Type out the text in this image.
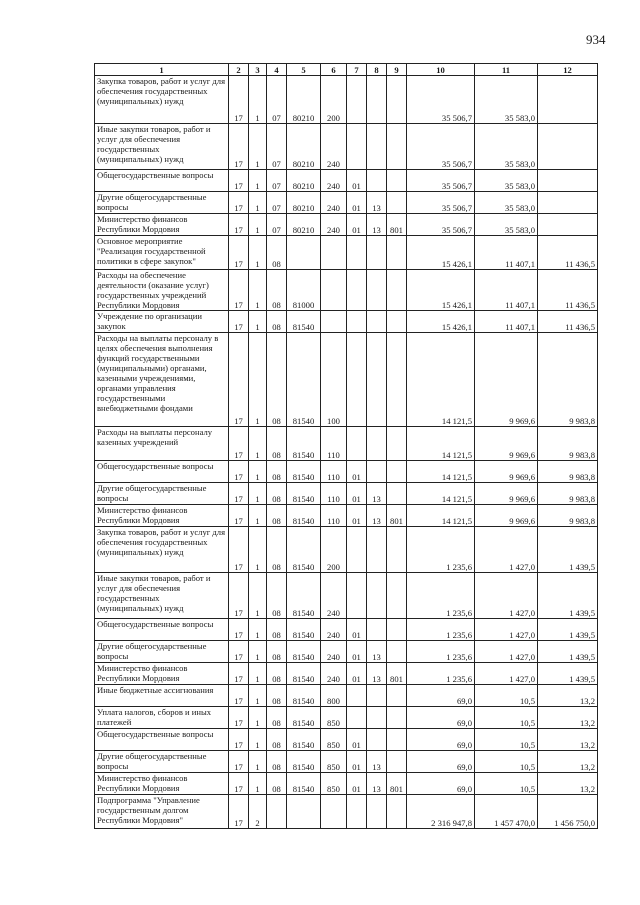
934
1	2	3	4	5	6	7	8	9	10	11	12
Закупка товаров, работ и услуг для обеспечения государственных (муниципальных) нужд	17	1	07	80210	200				35 506,7	35 583,0	
Иные закупки товаров, работ и услуг для обеспечения государственных (муниципальных) нужд	17	1	07	80210	240				35 506,7	35 583,0	
Общегосударственные вопросы	17	1	07	80210	240	01			35 506,7	35 583,0	
Другие общегосударственные вопросы	17	1	07	80210	240	01	13		35 506,7	35 583,0	
Министерство финансов Республики Мордовия	17	1	07	80210	240	01	13	801	35 506,7	35 583,0	
Основное мероприятие "Реализация государственной политики в сфере закупок"	17	1	08						15 426,1	11 407,1	11 436,5
Расходы на обеспечение деятельности (оказание услуг) государственных учреждений Республики Мордовия	17	1	08	81000					15 426,1	11 407,1	11 436,5
Учреждение по организации закупок	17	1	08	81540					15 426,1	11 407,1	11 436,5
Расходы на выплаты персоналу в целях обеспечения выполнения функций государственными (муниципальными) органами, казенными учреждениями, органами управления государственными внебюджетными фондами	17	1	08	81540	100				14 121,5	9 969,6	9 983,8
Расходы на выплаты персоналу казенных учреждений	17	1	08	81540	110				14 121,5	9 969,6	9 983,8
Общегосударственные вопросы	17	1	08	81540	110	01			14 121,5	9 969,6	9 983,8
Другие общегосударственные вопросы	17	1	08	81540	110	01	13		14 121,5	9 969,6	9 983,8
Министерство финансов Республики Мордовия	17	1	08	81540	110	01	13	801	14 121,5	9 969,6	9 983,8
Закупка товаров, работ и услуг для обеспечения государственных (муниципальных) нужд	17	1	08	81540	200				1 235,6	1 427,0	1 439,5
Иные закупки товаров, работ и услуг для обеспечения государственных (муниципальных) нужд	17	1	08	81540	240				1 235,6	1 427,0	1 439,5
Общегосударственные вопросы	17	1	08	81540	240	01			1 235,6	1 427,0	1 439,5
Другие общегосударственные вопросы	17	1	08	81540	240	01	13		1 235,6	1 427,0	1 439,5
Министерство финансов Республики Мордовия	17	1	08	81540	240	01	13	801	1 235,6	1 427,0	1 439,5
Иные бюджетные ассигнования	17	1	08	81540	800				69,0	10,5	13,2
Уплата налогов, сборов и иных платежей	17	1	08	81540	850				69,0	10,5	13,2
Общегосударственные вопросы	17	1	08	81540	850	01			69,0	10,5	13,2
Другие общегосударственные вопросы	17	1	08	81540	850	01	13		69,0	10,5	13,2
Министерство финансов Республики Мордовия	17	1	08	81540	850	01	13	801	69,0	10,5	13,2
Подпрограмма "Управление государственным долгом Республики Мордовия"	17	2							2 316 947,8	1 457 470,0	1 456 750,0
